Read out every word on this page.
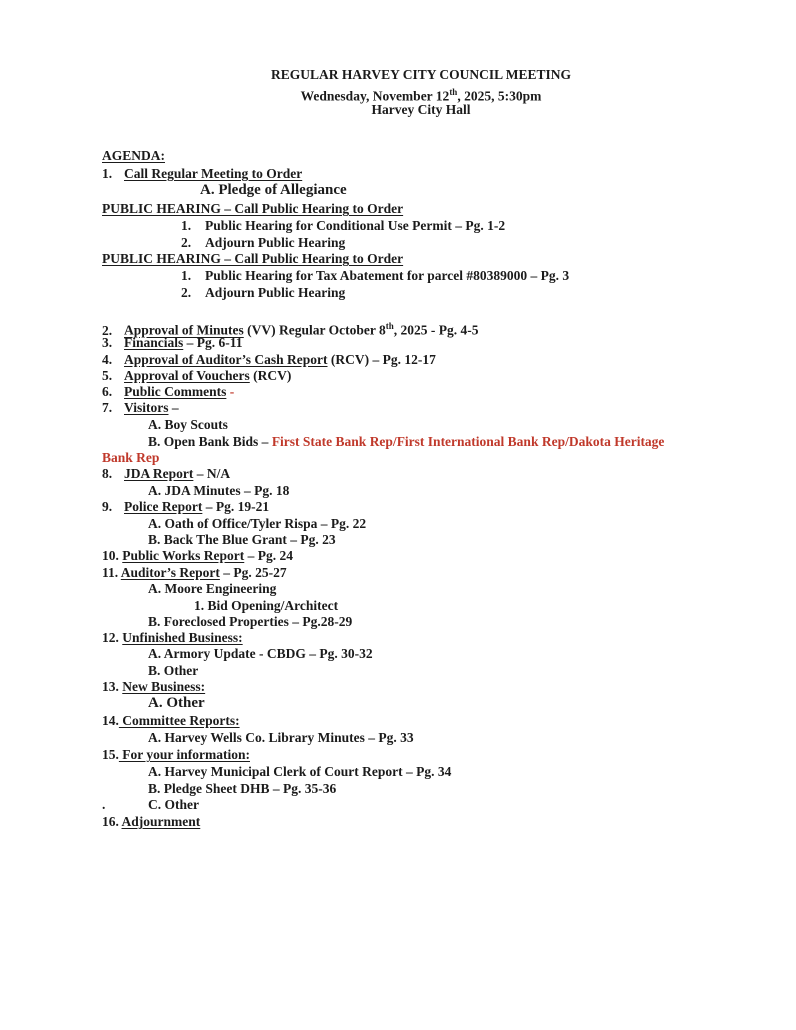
REGULAR HARVEY CITY COUNCIL MEETING
Wednesday, November 12th, 2025, 5:30pm
Harvey City Hall
AGENDA:
1. Call Regular Meeting to Order
A. Pledge of Allegiance
PUBLIC HEARING – Call Public Hearing to Order
1. Public Hearing for Conditional Use Permit – Pg. 1-2
2. Adjourn Public Hearing
PUBLIC HEARING – Call Public Hearing to Order
1. Public Hearing for Tax Abatement for parcel #80389000 – Pg. 3
2. Adjourn Public Hearing
2. Approval of Minutes (VV) Regular October 8th, 2025 - Pg. 4-5
3. Financials – Pg. 6-11
4. Approval of Auditor’s Cash Report (RCV) – Pg. 12-17
5. Approval of Vouchers (RCV)
6. Public Comments -
7. Visitors –
A. Boy Scouts
B. Open Bank Bids – First State Bank Rep/First International Bank Rep/Dakota Heritage
Bank Rep
8. JDA Report – N/A
A. JDA Minutes – Pg. 18
9. Police Report – Pg. 19-21
A. Oath of Office/Tyler Rispa – Pg. 22
B. Back The Blue Grant – Pg. 23
10. Public Works Report – Pg. 24
11. Auditor’s Report – Pg. 25-27
A. Moore Engineering
1. Bid Opening/Architect
B. Foreclosed Properties – Pg.28-29
12. Unfinished Business:
A. Armory Update - CBDG – Pg. 30-32
B. Other
13. New Business:
A. Other
14. Committee Reports:
A. Harvey Wells Co. Library Minutes – Pg. 33
15. For your information:
A. Harvey Municipal Clerk of Court Report – Pg. 34
B. Pledge Sheet DHB – Pg. 35-36
.	C. Other
16. Adjournment
